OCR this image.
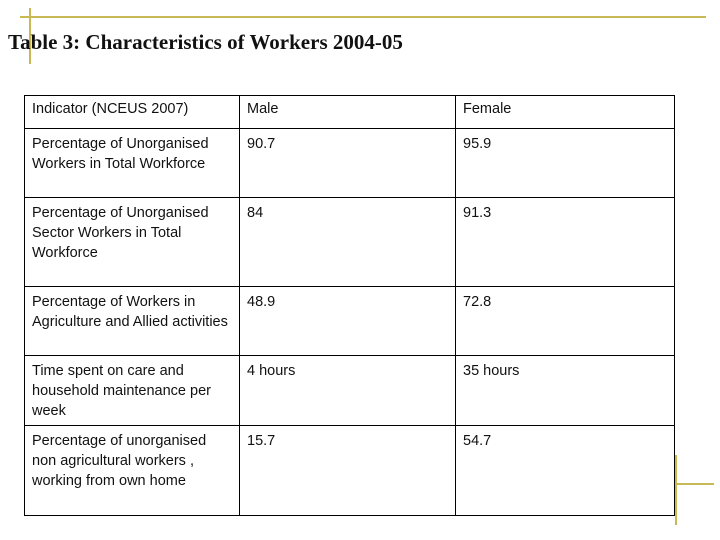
Table 3: Characteristics of Workers 2004-05
Indicator (NCEUS 2007)	Male	Female
Percentage of Unorganised Workers in Total Workforce	90.7	95.9
Percentage of Unorganised Sector Workers in Total Workforce	84	91.3
Percentage of Workers in Agriculture and Allied activities	48.9	72.8
Time spent on care and household maintenance per week	4 hours	35 hours
Percentage of unorganised non agricultural workers , working from own home	15.7	54.7
